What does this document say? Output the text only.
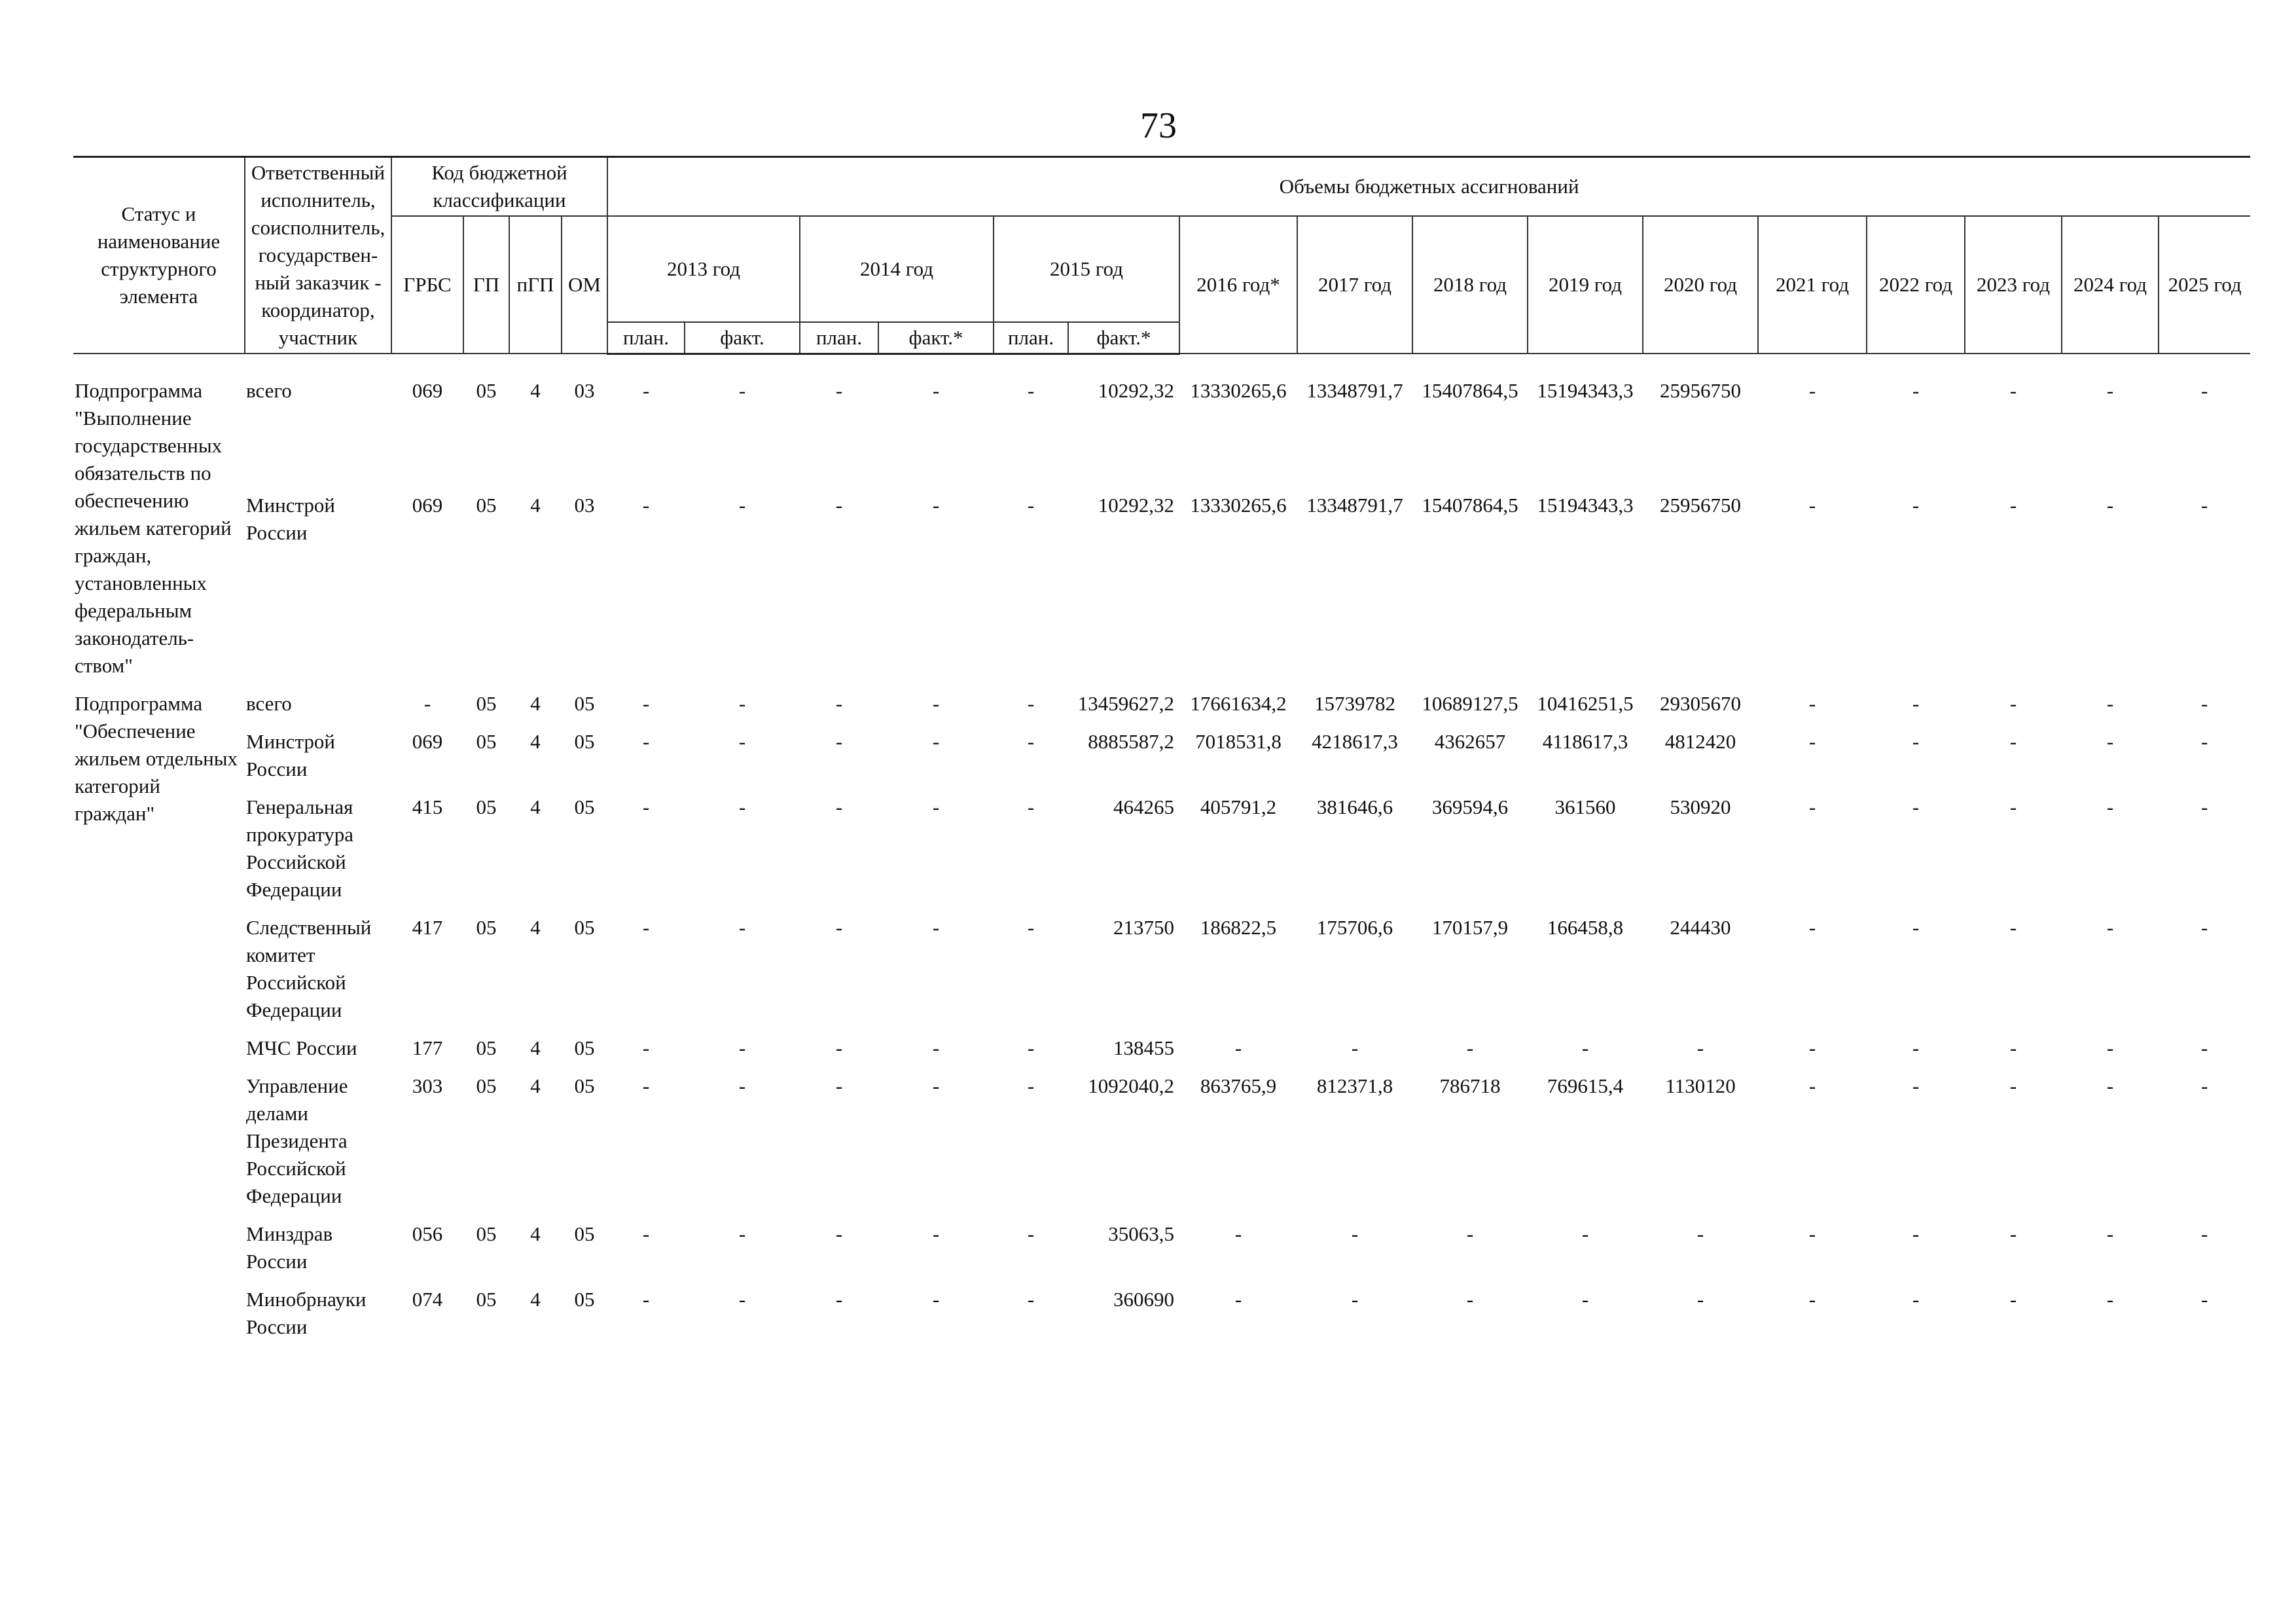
73
Статус и наименование структурного элемента	Ответственный исполнитель, соисполнитель, государствен-ный заказчик - координатор, участник	Код бюджетной классификации				Объемы бюджетных ассигнований															
		ГРБС	ГП	пГП	ОМ	2013 год		2014 год		2015 год		2016 год*	2017 год	2018 год	2019 год	2020 год	2021 год	2022 год	2023 год	2024 год	2025 год
						план.	факт.	план.	факт.*	план.	факт.*										

Подпрограмма "Выполнение государственных обязательств по обеспечению жильем категорий граждан, установленных федеральным законодатель-ством"	всего	069	05	4	03	-	-	-	-	-	10292,32	13330265,6	13348791,7	15407864,5	15194343,3	25956750	-	-	-	-	-
	Минстрой России	069	05	4	03	-	-	-	-	-	10292,32	13330265,6	13348791,7	15407864,5	15194343,3	25956750	-	-	-	-	-
Подпрограмма "Обеспечение жильем отдельных категорий граждан"	всего	-	05	4	05	-	-	-	-	-	13459627,2	17661634,2	15739782	10689127,5	10416251,5	29305670	-	-	-	-	-
	Минстрой России	069	05	4	05	-	-	-	-	-	8885587,2	7018531,8	4218617,3	4362657	4118617,3	4812420	-	-	-	-	-
	Генеральная прокуратура Российской Федерации	415	05	4	05	-	-	-	-	-	464265	405791,2	381646,6	369594,6	361560	530920	-	-	-	-	-
	Следственный комитет Российской Федерации	417	05	4	05	-	-	-	-	-	213750	186822,5	175706,6	170157,9	166458,8	244430	-	-	-	-	-
	МЧС России	177	05	4	05	-	-	-	-	-	138455	-	-	-	-	-	-	-	-	-	-
	Управление делами Президента Российской Федерации	303	05	4	05	-	-	-	-	-	1092040,2	863765,9	812371,8	786718	769615,4	1130120	-	-	-	-	-
	Минздрав России	056	05	4	05	-	-	-	-	-	35063,5	-	-	-	-	-	-	-	-	-	-
	Минобрнауки России	074	05	4	05	-	-	-	-	-	360690	-	-	-	-	-	-	-	-	-	-
